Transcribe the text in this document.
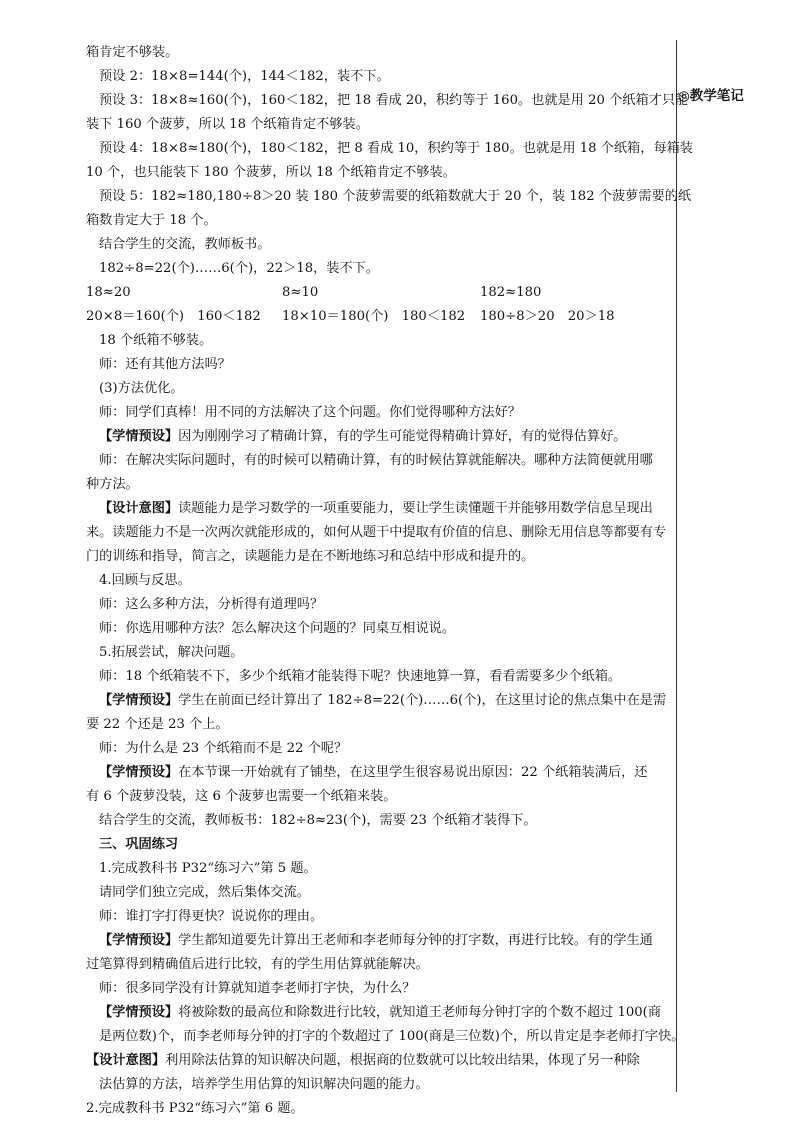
◎教学笔记
箱肯定不够装。
预设 2：18×8=144(个)，144＜182，装不下。
预设 3：18×8≈160(个)，160＜182，把 18 看成 20，积约等于 160。也就是用 20 个纸箱才只能
装下 160 个菠萝，所以 18 个纸箱肯定不够装。
预设 4：18×8≈180(个)，180＜182，把 8 看成 10，积约等于 180。也就是用 18 个纸箱，每箱装
10 个，也只能装下 180 个菠萝，所以 18 个纸箱肯定不够装。
预设 5：182≈180,180÷8＞20 装 180 个菠萝需要的纸箱数就大于 20 个，装 182 个菠萝需要的纸
箱数肯定大于 18 个。
结合学生的交流，教师板书。
182÷8=22(个)……6(个)，22＞18，装不下。
18 个纸箱不够装。
师：还有其他方法吗？
(3)方法优化。
师：同学们真棒！用不同的方法解决了这个问题。你们觉得哪种方法好？
【学情预设】因为刚刚学习了精确计算，有的学生可能觉得精确计算好，有的觉得估算好。
师：在解决实际问题时，有的时候可以精确计算，有的时候估算就能解决。哪种方法简便就用哪
种方法。
【设计意图】读题能力是学习数学的一项重要能力，要让学生读懂题干并能够用数学信息呈现出
来。读题能力不是一次两次就能形成的，如何从题干中提取有价值的信息、删除无用信息等都要有专
门的训练和指导，简言之，读题能力是在不断地练习和总结中形成和提升的。
4.回顾与反思。
师：这么多种方法，分析得有道理吗？
师：你选用哪种方法？怎么解决这个问题的？同桌互相说说。
5.拓展尝试，解决问题。
师：18 个纸箱装不下，多少个纸箱才能装得下呢？快速地算一算，看看需要多少个纸箱。
【学情预设】学生在前面已经计算出了 182÷8=22(个)……6(个)，在这里讨论的焦点集中在是需
要 22 个还是 23 个上。
师：为什么是 23 个纸箱而不是 22 个呢？
【学情预设】在本节课一开始就有了铺垫，在这里学生很容易说出原因：22 个纸箱装满后，还
有 6 个菠萝没装，这 6 个菠萝也需要一个纸箱来装。
结合学生的交流，教师板书：182÷8≈23(个)，需要 23 个纸箱才装得下。
三、巩固练习
1.完成教科书 P32“练习六”第 5 题。
请同学们独立完成，然后集体交流。
师：谁打字打得更快？说说你的理由。
【学情预设】学生都知道要先计算出王老师和李老师每分钟的打字数，再进行比较。有的学生通
过笔算得到精确值后进行比较，有的学生用估算就能解决。
师：很多同学没有计算就知道李老师打字快，为什么？
【学情预设】将被除数的最高位和除数进行比较，就知道王老师每分钟打字的个数不超过 100(商
是两位数)个，而李老师每分钟的打字的个数超过了 100(商是三位数)个，所以肯定是李老师打字快。
【设计意图】利用除法估算的知识解决问题，根据商的位数就可以比较出结果，体现了另一种除
法估算的方法，培养学生用估算的知识解决问题的能力。
2.完成教科书 P32“练习六”第 6 题。
18≈20	8≈10	182≈180
20×8＝160(个)　160＜182 18×10＝180(个)　180＜182 180÷8＞20　20＞18
